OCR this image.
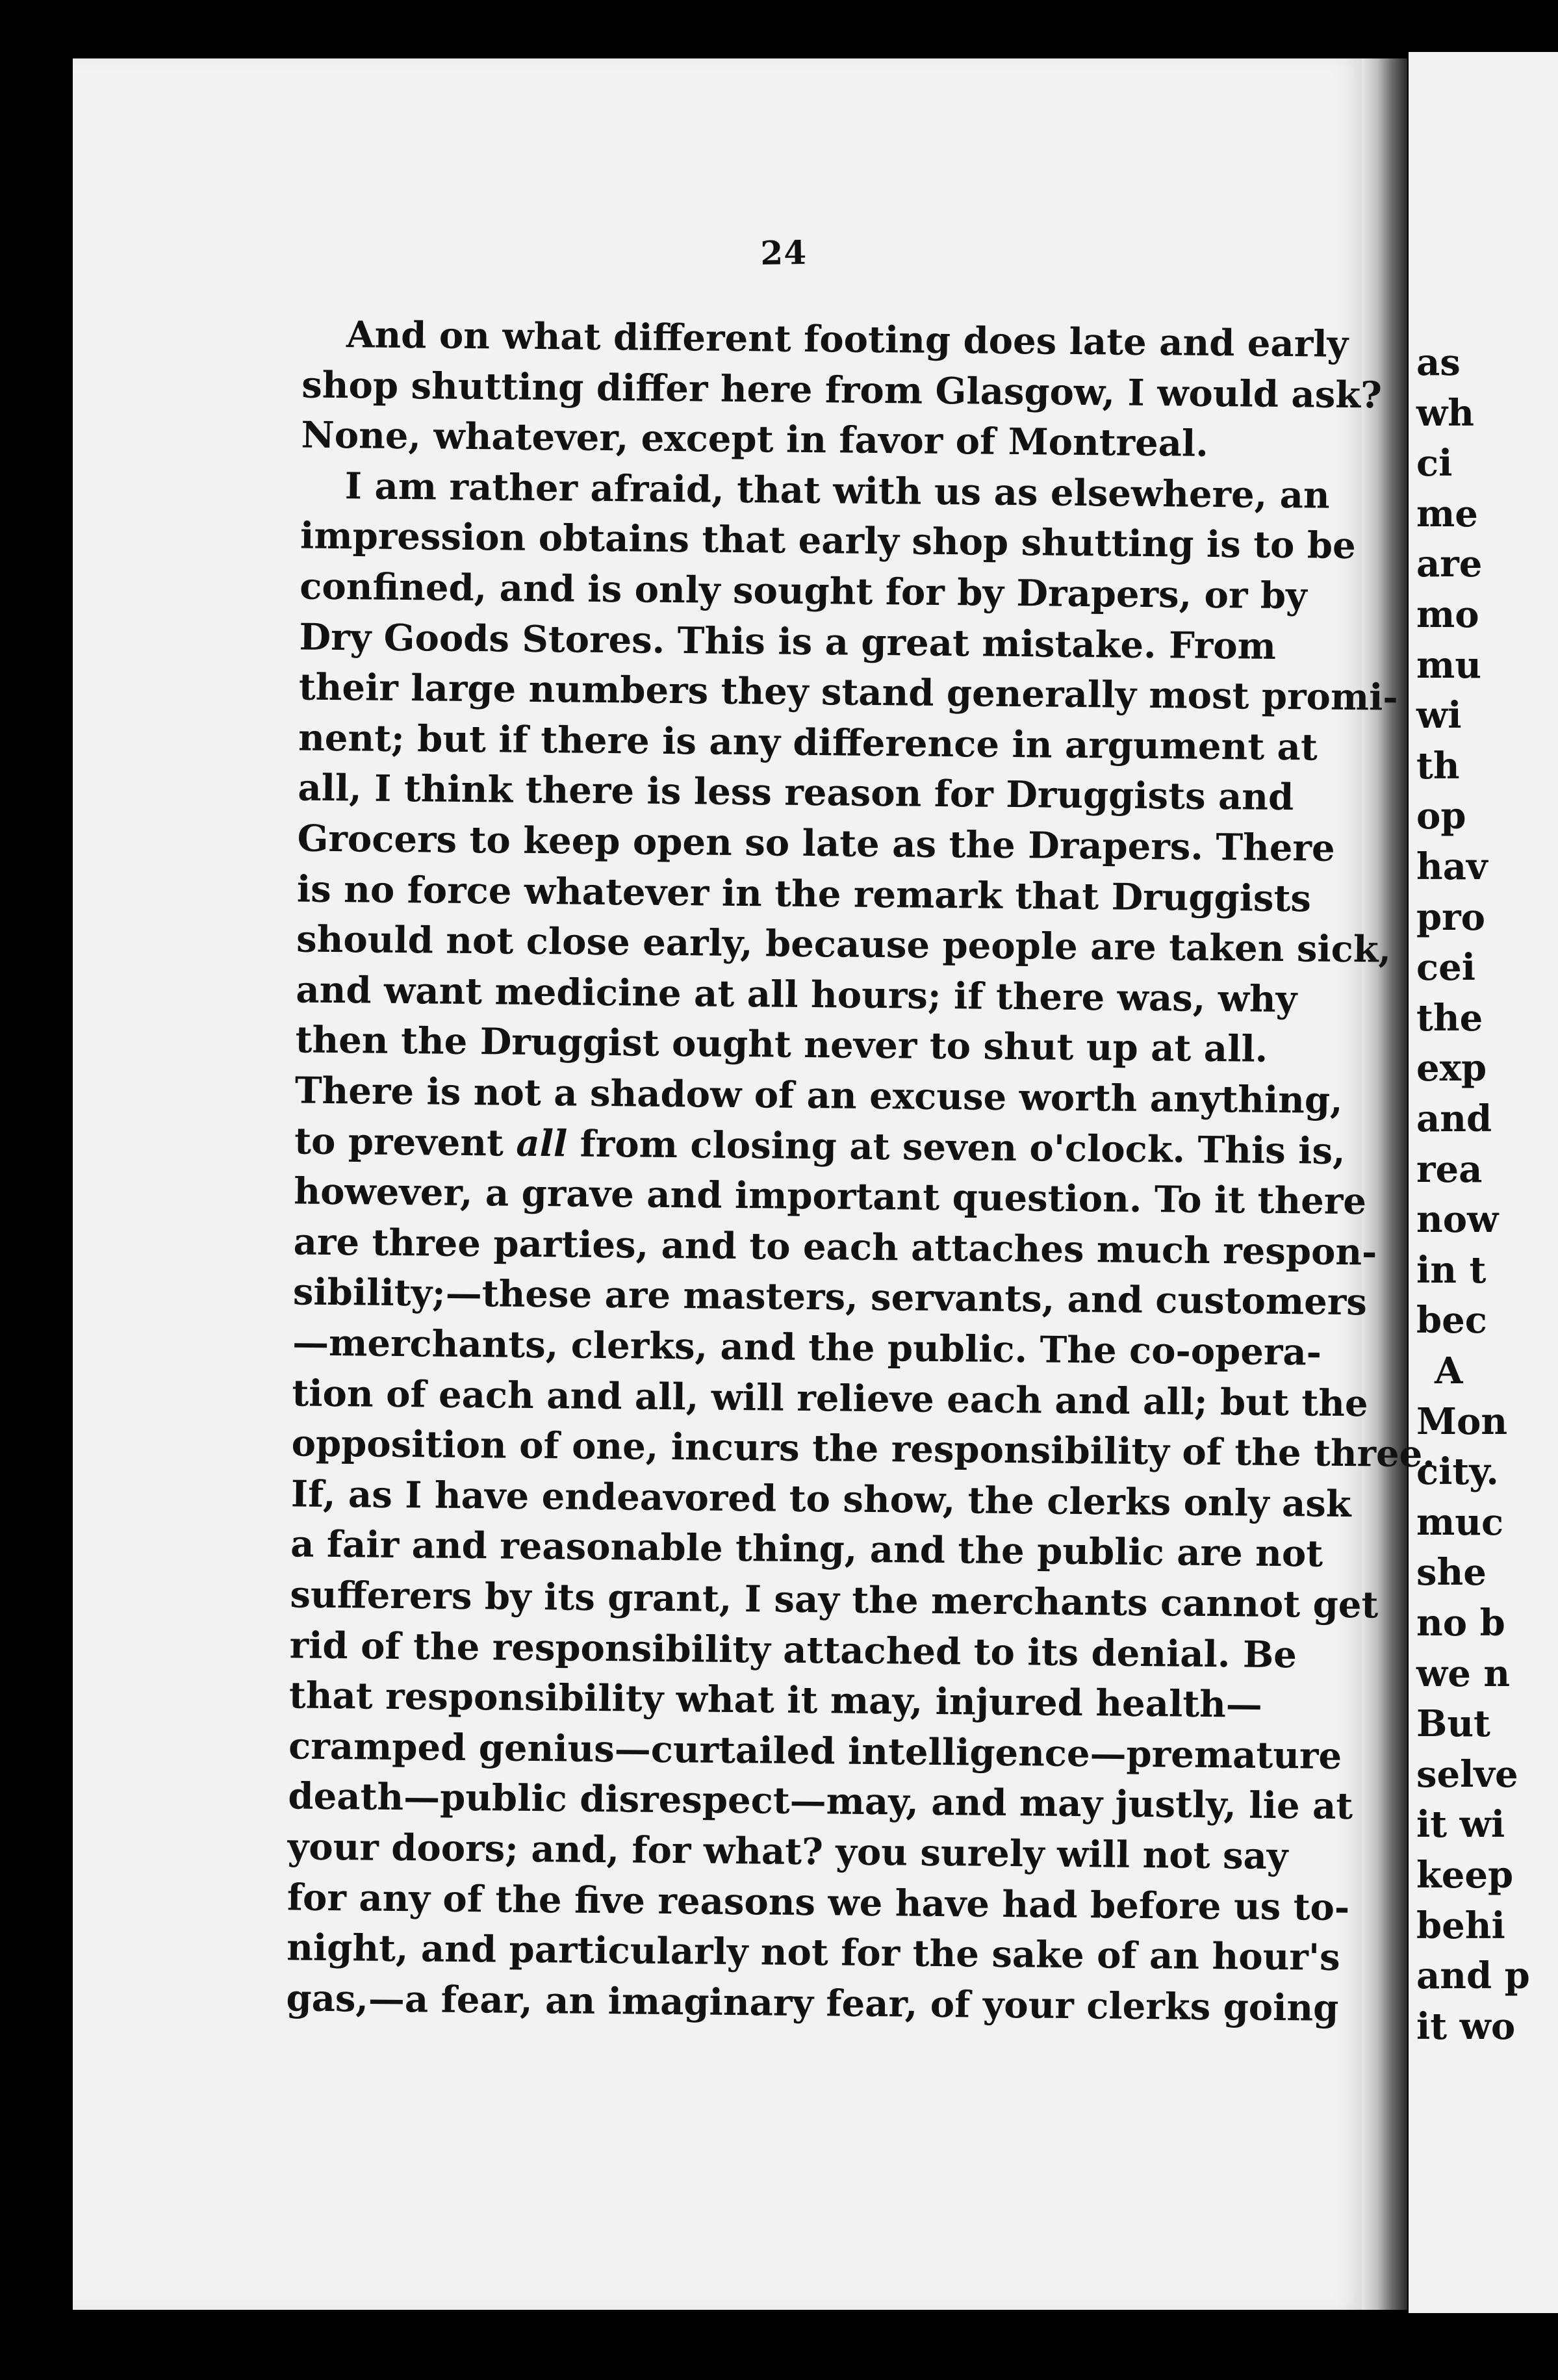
as
wh
ci
me
are
mo
mu
wi
th
op
hav
pro
cei
the
exp
and
rea
now
in t
bec
A
Mon
city.
muc
she
no b
we n
But
selve
it wi
keep
behi
and p
it wo
24
And on what different footing does late and early
shop shutting differ here from Glasgow, I would ask?
None, whatever, except in favor of Montreal.
I am rather afraid, that with us as elsewhere, an
impression obtains that early shop shutting is to be
confined, and is only sought for by Drapers, or by
Dry Goods Stores. This is a great mistake. From
their large numbers they stand generally most promi-
nent; but if there is any difference in argument at
all, I think there is less reason for Druggists and
Grocers to keep open so late as the Drapers. There
is no force whatever in the remark that Druggists
should not close early, because people are taken sick,
and want medicine at all hours; if there was, why
then the Druggist ought never to shut up at all.
There is not a shadow of an excuse worth anything,
to prevent all from closing at seven o'clock. This is,
however, a grave and important question. To it there
are three parties, and to each attaches much respon-
sibility;—these are masters, servants, and customers
—merchants, clerks, and the public. The co-opera-
tion of each and all, will relieve each and all; but the
opposition of one, incurs the responsibility of the three.
If, as I have endeavored to show, the clerks only ask
a fair and reasonable thing, and the public are not
sufferers by its grant, I say the merchants cannot get
rid of the responsibility attached to its denial. Be
that responsibility what it may, injured health—
cramped genius—curtailed intelligence—premature
death—public disrespect—may, and may justly, lie at
your doors; and, for what? you surely will not say
for any of the five reasons we have had before us to-
night, and particularly not for the sake of an hour's
gas,—a fear, an imaginary fear, of your clerks going
